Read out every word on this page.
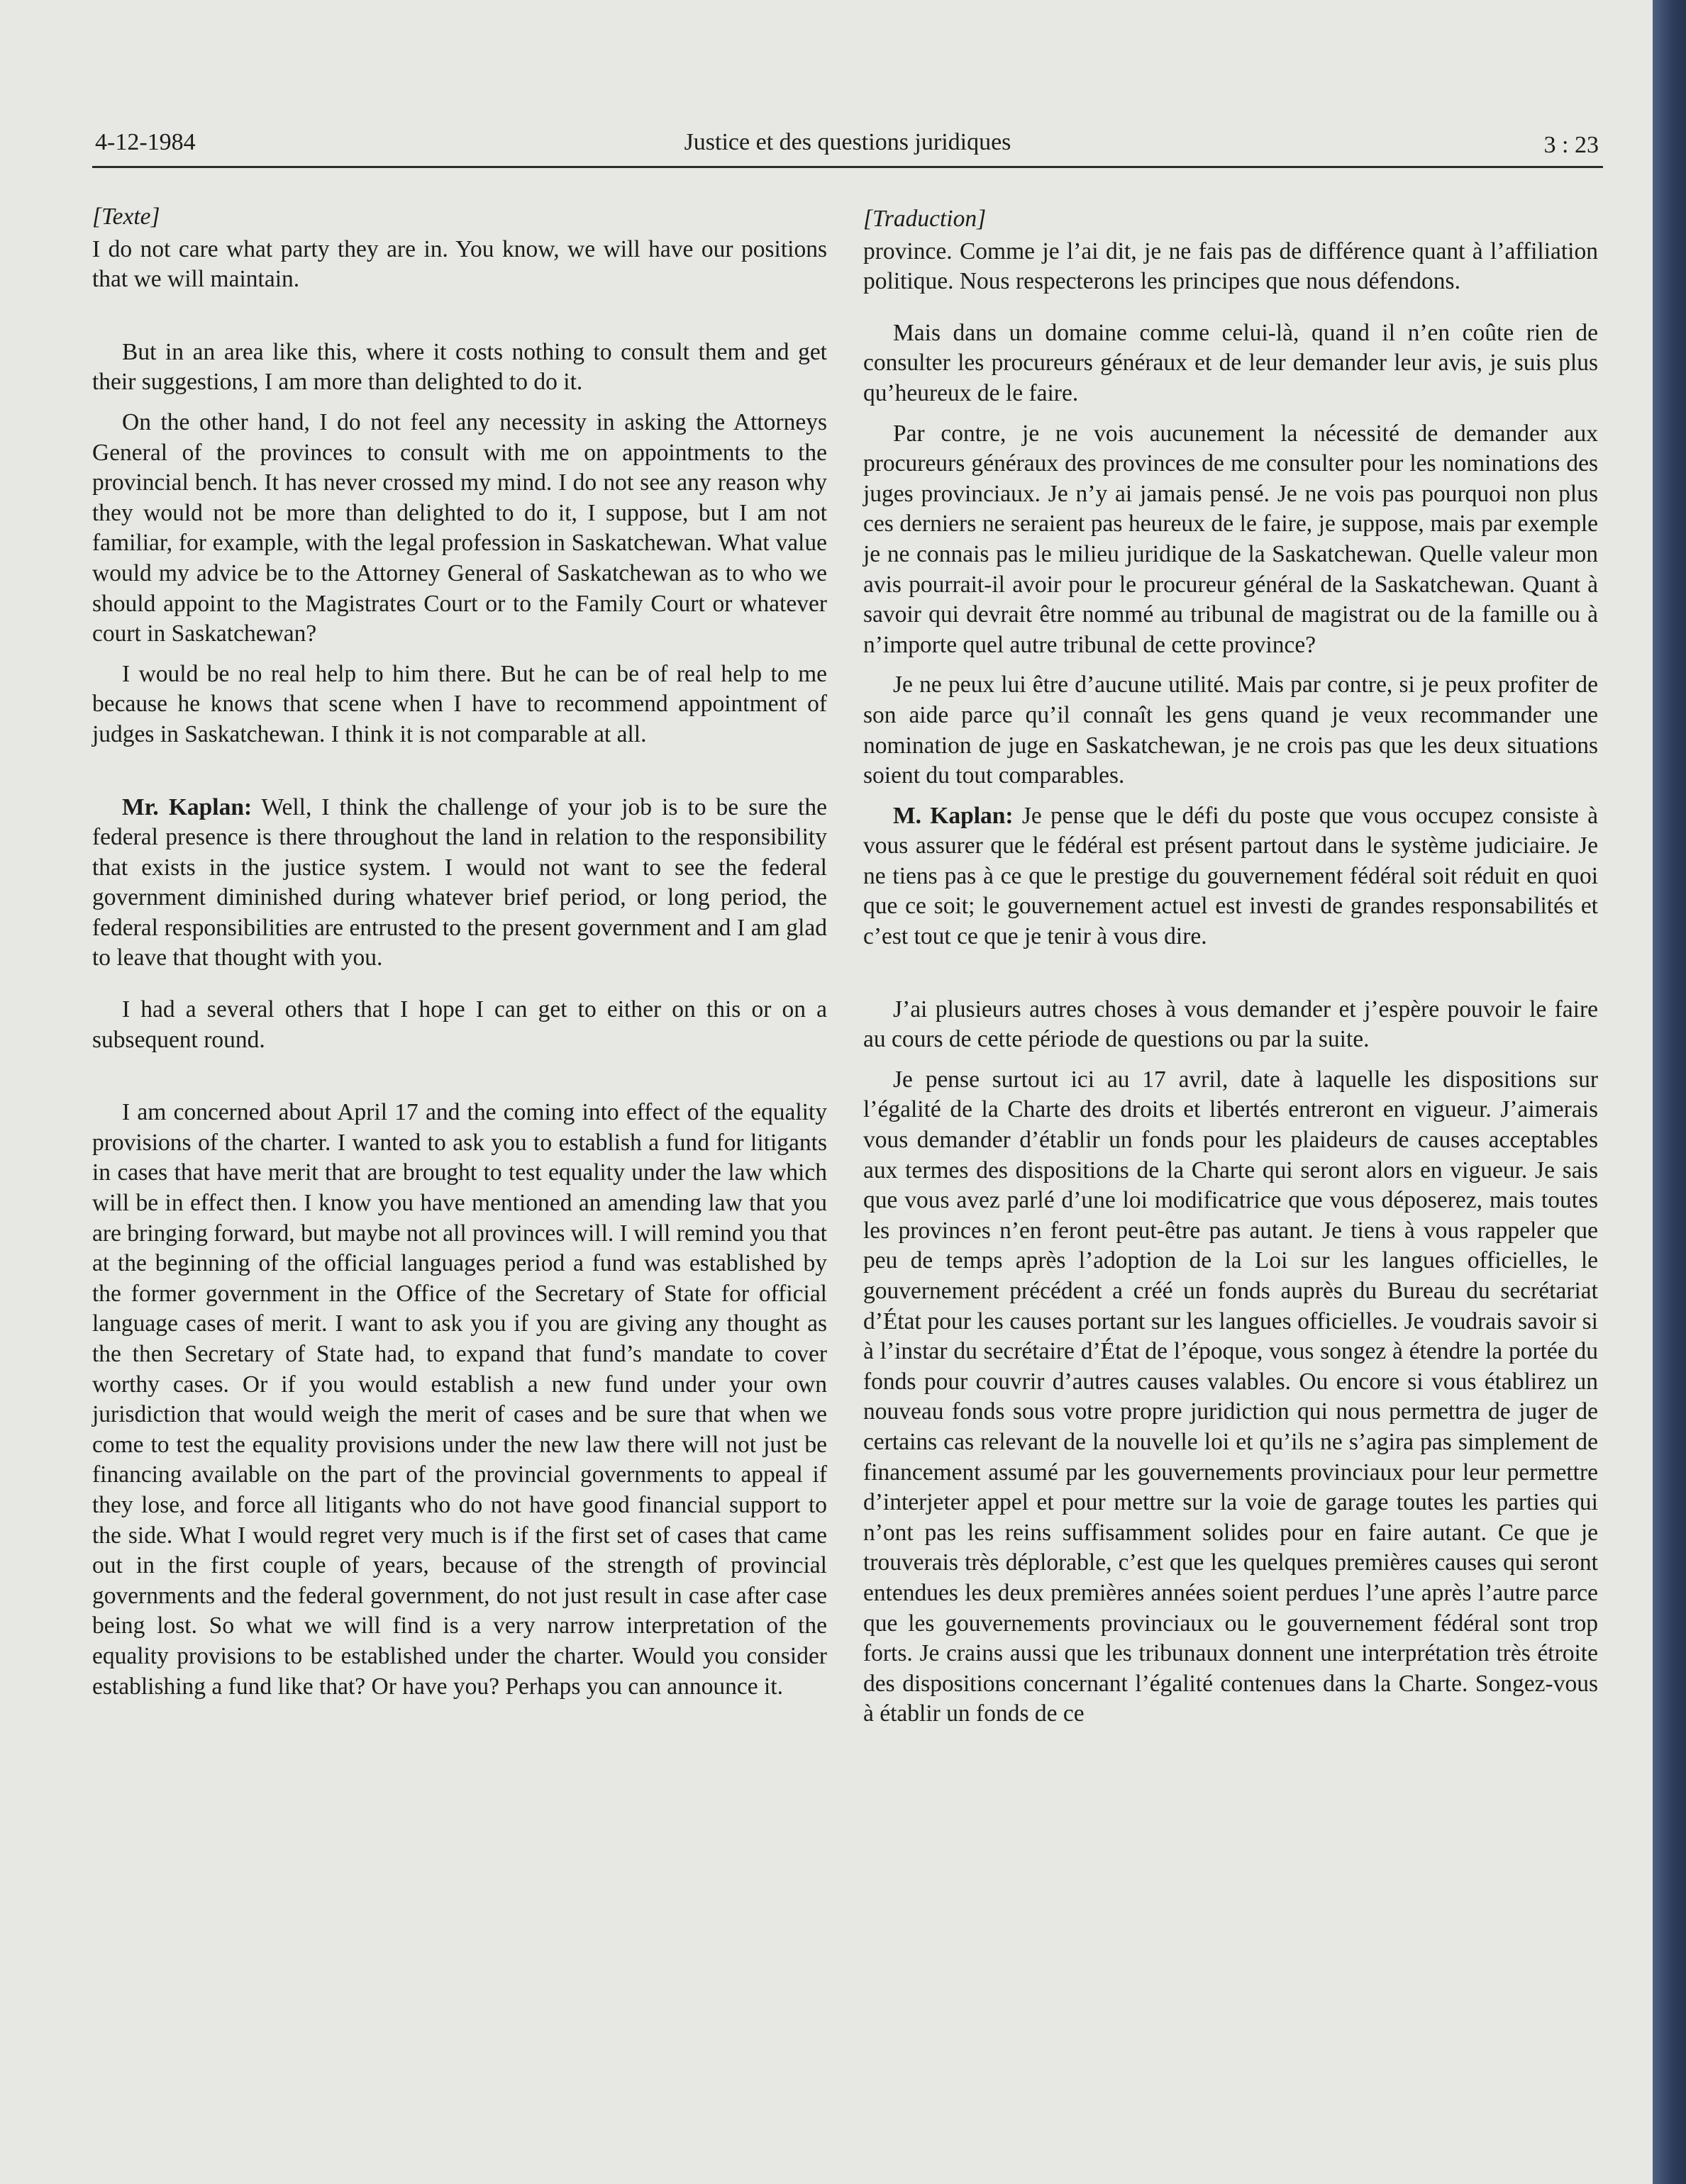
4-12-1984	Justice et des questions juridiques	3 : 23
[Texte]

I do not care what party they are in. You know, we will have our positions that we will maintain.

But in an area like this, where it costs nothing to consult them and get their suggestions, I am more than delighted to do it.

On the other hand, I do not feel any necessity in asking the Attorneys General of the provinces to consult with me on appointments to the provincial bench. It has never crossed my mind. I do not see any reason why they would not be more than delighted to do it, I suppose, but I am not familiar, for example, with the legal profession in Saskatchewan. What value would my advice be to the Attorney General of Saskatchewan as to who we should appoint to the Magistrates Court or to the Family Court or whatever court in Saskatchewan?

I would be no real help to him there. But he can be of real help to me because he knows that scene when I have to recommend appointment of judges in Saskatchewan. I think it is not comparable at all.

Mr. Kaplan: Well, I think the challenge of your job is to be sure the federal presence is there throughout the land in relation to the responsibility that exists in the justice system. I would not want to see the federal government diminished during whatever brief period, or long period, the federal responsibilities are entrusted to the present government and I am glad to leave that thought with you.

I had a several others that I hope I can get to either on this or on a subsequent round.

I am concerned about April 17 and the coming into effect of the equality provisions of the charter. I wanted to ask you to establish a fund for litigants in cases that have merit that are brought to test equality under the law which will be in effect then. I know you have mentioned an amending law that you are bringing forward, but maybe not all provinces will. I will remind you that at the beginning of the official languages period a fund was established by the former government in the Office of the Secretary of State for official language cases of merit. I want to ask you if you are giving any thought as the then Secretary of State had, to expand that fund’s mandate to cover worthy cases. Or if you would establish a new fund under your own jurisdiction that would weigh the merit of cases and be sure that when we come to test the equality provisions under the new law there will not just be financing available on the part of the provincial governments to appeal if they lose, and force all litigants who do not have good financial support to the side. What I would regret very much is if the first set of cases that came out in the first couple of years, because of the strength of provincial governments and the federal government, do not just result in case after case being lost. So what we will find is a very narrow interpretation of the equality provisions to be established under the charter. Would you consider establishing a fund like that? Or have you? Perhaps you can announce it.

[Traduction]

province. Comme je l’ai dit, je ne fais pas de différence quant à l’affiliation politique. Nous respecterons les principes que nous défendons.

Mais dans un domaine comme celui-là, quand il n’en coûte rien de consulter les procureurs généraux et de leur demander leur avis, je suis plus qu’heureux de le faire.

Par contre, je ne vois aucunement la nécessité de demander aux procureurs généraux des provinces de me consulter pour les nominations des juges provinciaux. Je n’y ai jamais pensé. Je ne vois pas pourquoi non plus ces derniers ne seraient pas heureux de le faire, je suppose, mais par exemple je ne connais pas le milieu juridique de la Saskatchewan. Quelle valeur mon avis pourrait-il avoir pour le procureur général de la Saskatchewan. Quant à savoir qui devrait être nommé au tribunal de magistrat ou de la famille ou à n’importe quel autre tribunal de cette province?

Je ne peux lui être d’aucune utilité. Mais par contre, si je peux profiter de son aide parce qu’il connaît les gens quand je veux recommander une nomination de juge en Saskatchewan, je ne crois pas que les deux situations soient du tout comparables.

M. Kaplan: Je pense que le défi du poste que vous occupez consiste à vous assurer que le fédéral est présent partout dans le système judiciaire. Je ne tiens pas à ce que le prestige du gouvernement fédéral soit réduit en quoi que ce soit; le gouvernement actuel est investi de grandes responsabilités et c’est tout ce que je tenir à vous dire.

J’ai plusieurs autres choses à vous demander et j’espère pouvoir le faire au cours de cette période de questions ou par la suite.

Je pense surtout ici au 17 avril, date à laquelle les dispositions sur l’égalité de la Charte des droits et libertés entreront en vigueur. J’aimerais vous demander d’établir un fonds pour les plaideurs de causes acceptables aux termes des dispositions de la Charte qui seront alors en vigueur. Je sais que vous avez parlé d’une loi modificatrice que vous déposerez, mais toutes les provinces n’en feront peut-être pas autant. Je tiens à vous rappeler que peu de temps après l’adoption de la Loi sur les langues officielles, le gouvernement précédent a créé un fonds auprès du Bureau du secrétariat d’État pour les causes portant sur les langues officielles. Je voudrais savoir si à l’instar du secrétaire d’État de l’époque, vous songez à étendre la portée du fonds pour couvrir d’autres causes valables. Ou encore si vous établirez un nouveau fonds sous votre propre juridiction qui nous permettra de juger de certains cas relevant de la nouvelle loi et qu’ils ne s’agira pas simplement de financement assumé par les gouvernements provinciaux pour leur permettre d’interjeter appel et pour mettre sur la voie de garage toutes les parties qui n’ont pas les reins suffisamment solides pour en faire autant. Ce que je trouverais très déplorable, c’est que les quelques premières causes qui seront entendues les deux premières années soient perdues l’une après l’autre parce que les gouvernements provinciaux ou le gouvernement fédéral sont trop forts. Je crains aussi que les tribunaux donnent une interprétation très étroite des dispositions concernant l’égalité contenues dans la Charte. Songez-vous à établir un fonds de ce
